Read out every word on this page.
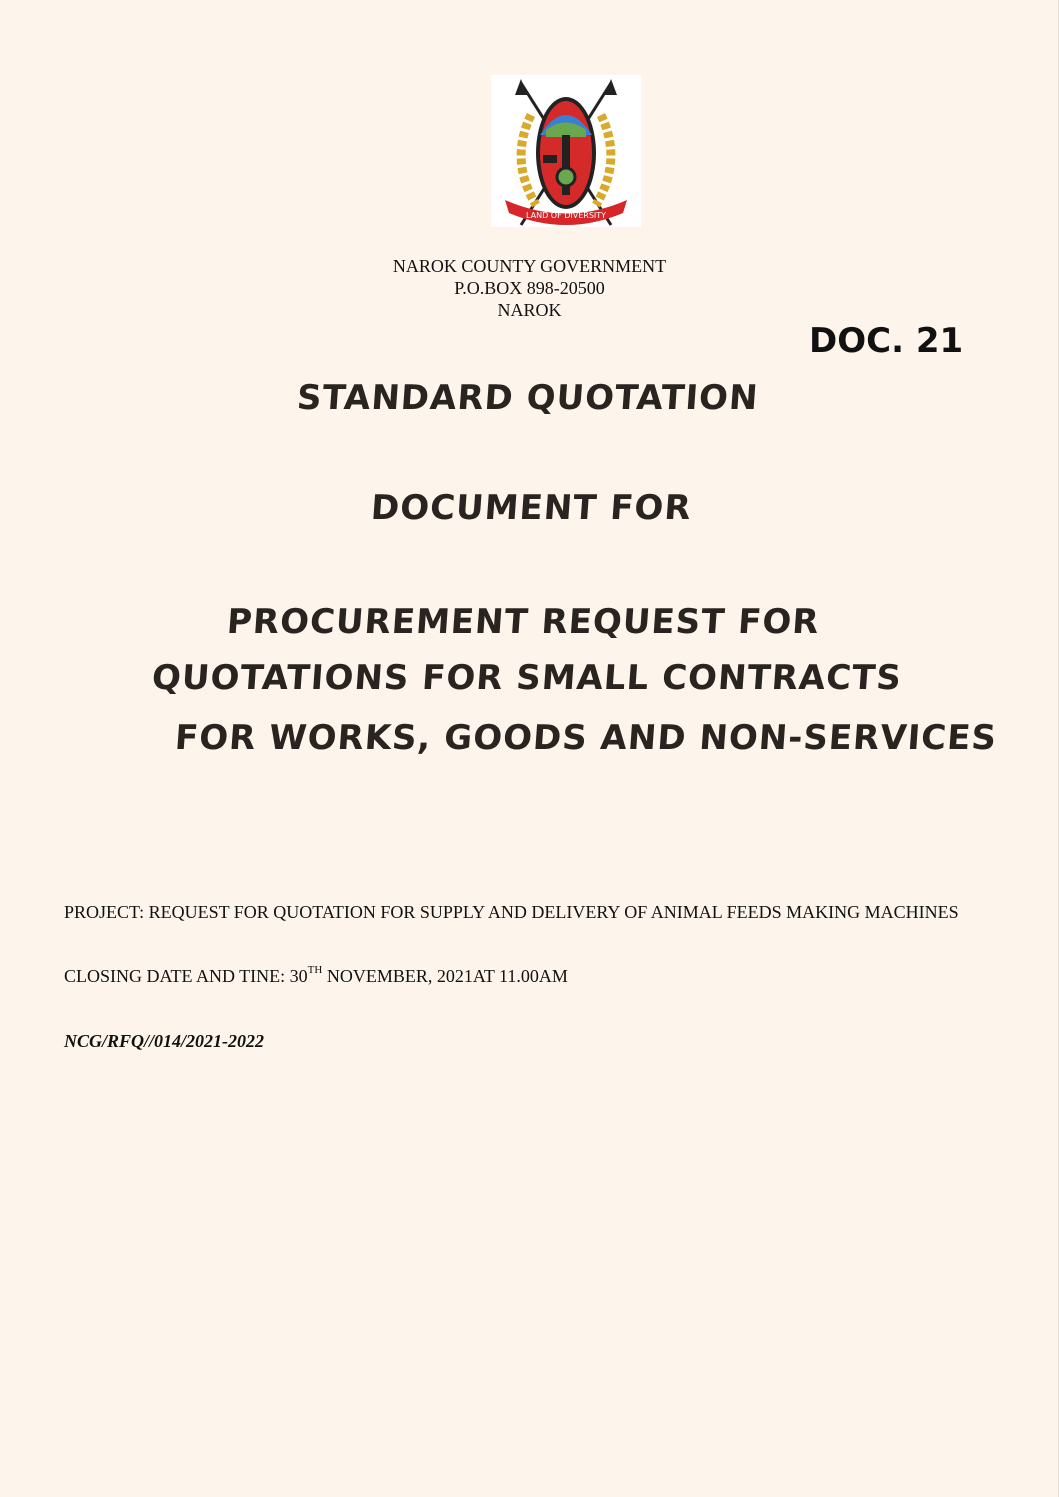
LAND OF DIVERSITY
NAROK COUNTY GOVERNMENT
P.O.BOX 898-20500
NAROK
DOC. 21
STANDARD QUOTATION
DOCUMENT FOR
PROCUREMENT REQUEST FOR
QUOTATIONS FOR SMALL CONTRACTS
FOR WORKS, GOODS AND NON-SERVICES
PROJECT: REQUEST FOR QUOTATION FOR SUPPLY AND DELIVERY OF ANIMAL FEEDS MAKING MACHINES
CLOSING DATE AND TINE: 30TH NOVEMBER, 2021AT 11.00AM
NCG/RFQ//014/2021-2022
